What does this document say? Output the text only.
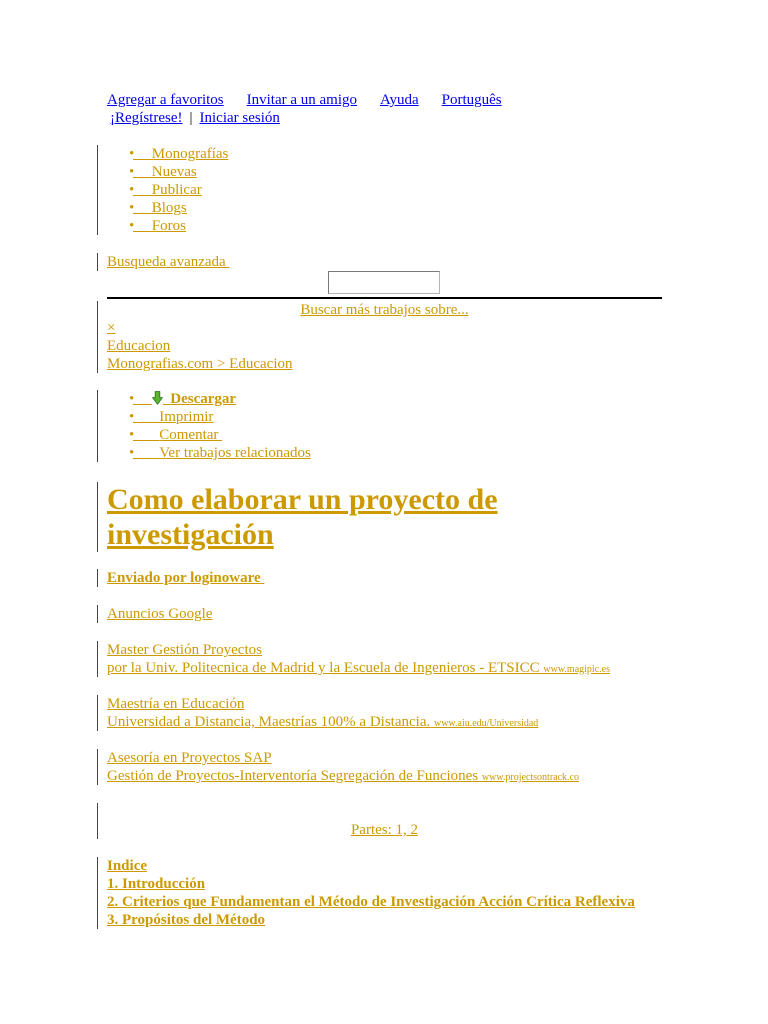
Agregar a favoritos Invitar a un amigo Ayuda Português
¡Regístrese! | Iniciar sesión
•	Monografías
•	Nuevas
•	Publicar
•	Blogs
•	Foros
Busqueda avanzada
Buscar más trabajos sobre...
×
Educacion
Monografias.com > Educacion
•	Descargar
•	Imprimir
•	Comentar
•	Ver trabajos relacionados
Como elaborar un proyecto de investigación
Enviado por loginoware
Anuncios Google
Master Gestión Proyectos
por la Univ. Politecnica de Madrid y la Escuela de Ingenieros - ETSICC www.magipic.es
Maestría en Educación
Universidad a Distancia, Maestrías 100% a Distancia. www.aiu.edu/Universidad
Asesoría en Proyectos SAP
Gestión de Proyectos-Interventoría Segregación de Funciones www.projectsontrack.co
Partes: 1, 2
Indice
1. Introducción
2. Criterios que Fundamentan el Método de Investigación Acción Crítica Reflexiva
3. Propósitos del Método
